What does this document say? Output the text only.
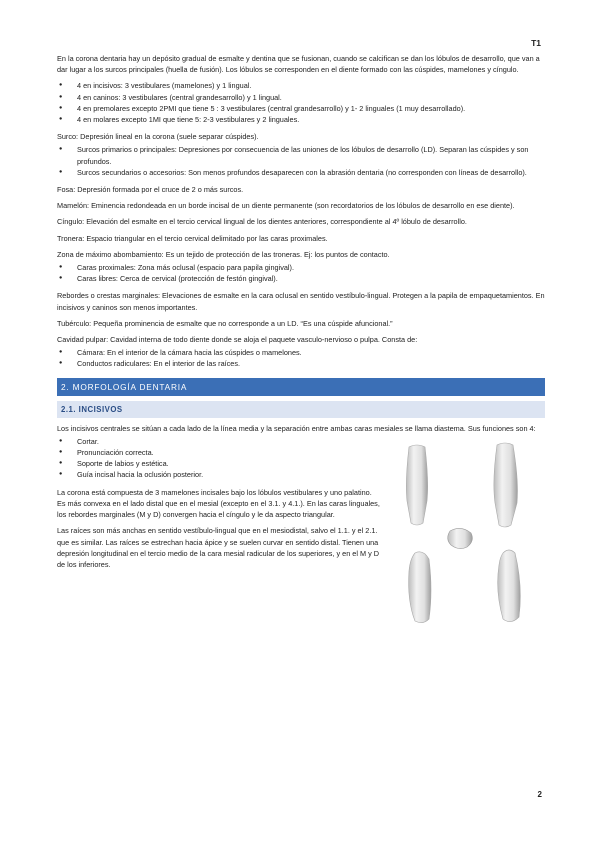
T1

En la corona dentaria hay un depósito gradual de esmalte y dentina que se fusionan, cuando se calcifican se dan los lóbulos de desarrollo, que van a dar lugar a los surcos principales (huella de fusión). Los lóbulos se corresponden en el diente formado con las cúspides, mamelones y cíngulo.

● 4 en incisivos: 3 vestibulares (mamelones) y 1 lingual.
● 4 en caninos: 3 vestibulares (central grandesarrollo) y 1 lingual.
● 4 en premolares excepto 2PMI que tiene 5 : 3 vestibulares (central grandesarrollo) y 1- 2 linguales (1 muy desarrollado).
● 4 en molares excepto 1MI que tiene 5: 2-3 vestibulares y 2 linguales.

Surco: Depresión lineal en la corona (suele separar cúspides).

● Surcos primarios o principales: Depresiones por consecuencia de las uniones de los lóbulos de desarrollo (LD). Separan las cúspides y son profundos.
● Surcos secundarios o accesorios: Son menos profundos desaparecen con la abrasión dentaria (no corresponden con líneas de desarrollo).

Fosa: Depresión formada por el cruce de 2 o más surcos.

Mamelón: Eminencia redondeada en un borde incisal de un diente permanente (son recordatorios de los lóbulos de desarrollo en ese diente).

Cíngulo: Elevación del esmalte en el tercio cervical lingual de los dientes anteriores, correspondiente al 4º lóbulo de desarrollo.

Tronera: Espacio triangular en el tercio cervical delimitado por las caras proximales.

Zona de máximo abombamiento: Es un tejido de protección de las troneras. Ej: los puntos de contacto.

● Caras proximales: Zona más oclusal (espacio para papila gingival).
● Caras libres: Cerca de cervical (protección de festón gingival).

Rebordes o crestas marginales: Elevaciones de esmalte en la cara oclusal en sentido vestíbulo-lingual. Protegen a la papila de empaquetamientos. En incisivos y caninos son menos importantes.

Tubérculo: Pequeña prominencia de esmalte que no corresponde a un LD. “Es una cúspide afuncional.”

Cavidad pulpar: Cavidad interna de todo diente donde se aloja el paquete vasculo-nervioso o pulpa. Consta de:

● Cámara: En el interior de la cámara hacia las cúspides o mamelones.
● Conductos radiculares: En el interior de las raíces.
2. MORFOLOGÍA DENTARIA
2.1. INCISIVOS

Los incisivos centrales se sitúan a cada lado de la línea media y la separación entre ambas caras mesiales se llama diastema. Sus funciones son 4:

● Cortar.
● Pronunciación correcta.
● Soporte de labios y estética.
● Guía incisal hacia la oclusión posterior.

La corona está compuesta de 3 mamelones incisales bajo los lóbulos vestibulares y uno palatino. Es más convexa en el lado distal que en el mesial (excepto en el 3.1. y 4.1.). En las caras linguales, los rebordes marginales (M y D) convergen hacia el cíngulo y le da aspecto triangular.

Las raíces son más anchas en sentido vestíbulo-lingual que en el mesiodistal, salvo el 1.1. y el 2.1. que es similar. Las raíces se estrechan hacia ápice y se suelen curvar en sentido distal. Tienen una depresión longitudinal en el tercio medio de la cara mesial radicular de los superiores, y en el M y D de los inferiores.

2
